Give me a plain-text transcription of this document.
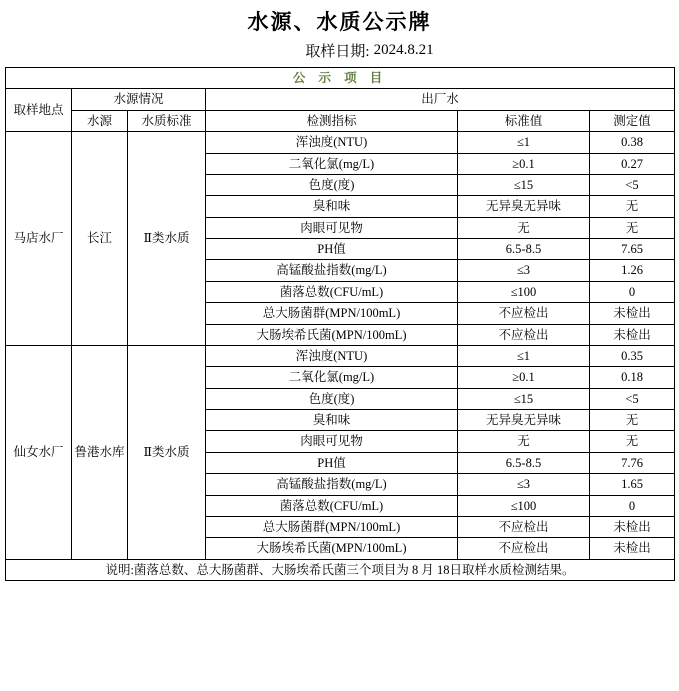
水源、水质公示牌
取样日期: 2024.8.21
公 示 项 目					
取样地点	水源情况		出厂水		
	水源	水质标准	检测指标	标准值	测定值
马店水厂	长江	Ⅱ类水质	浑浊度(NTU)	≤1	0.38
			二氧化氯(mg/L)	≥0.1	0.27
			色度(度)	≤15	<5
			臭和味	无异臭无异味	无
			肉眼可见物	无	无
			PH值	6.5-8.5	7.65
			高锰酸盐指数(mg/L)	≤3	1.26
			菌落总数(CFU/mL)	≤100	0
			总大肠菌群(MPN/100mL)	不应检出	未检出
			大肠埃希氏菌(MPN/100mL)	不应检出	未检出
仙女水厂	鲁港水库	Ⅱ类水质	浑浊度(NTU)	≤1	0.35
			二氧化氯(mg/L)	≥0.1	0.18
			色度(度)	≤15	<5
			臭和味	无异臭无异味	无
			肉眼可见物	无	无
			PH值	6.5-8.5	7.76
			高锰酸盐指数(mg/L)	≤3	1.65
			菌落总数(CFU/mL)	≤100	0
			总大肠菌群(MPN/100mL)	不应检出	未检出
			大肠埃希氏菌(MPN/100mL)	不应检出	未检出
说明:菌落总数、总大肠菌群、大肠埃希氏菌三个项目为 8 月 18日取样水质检测结果。					
